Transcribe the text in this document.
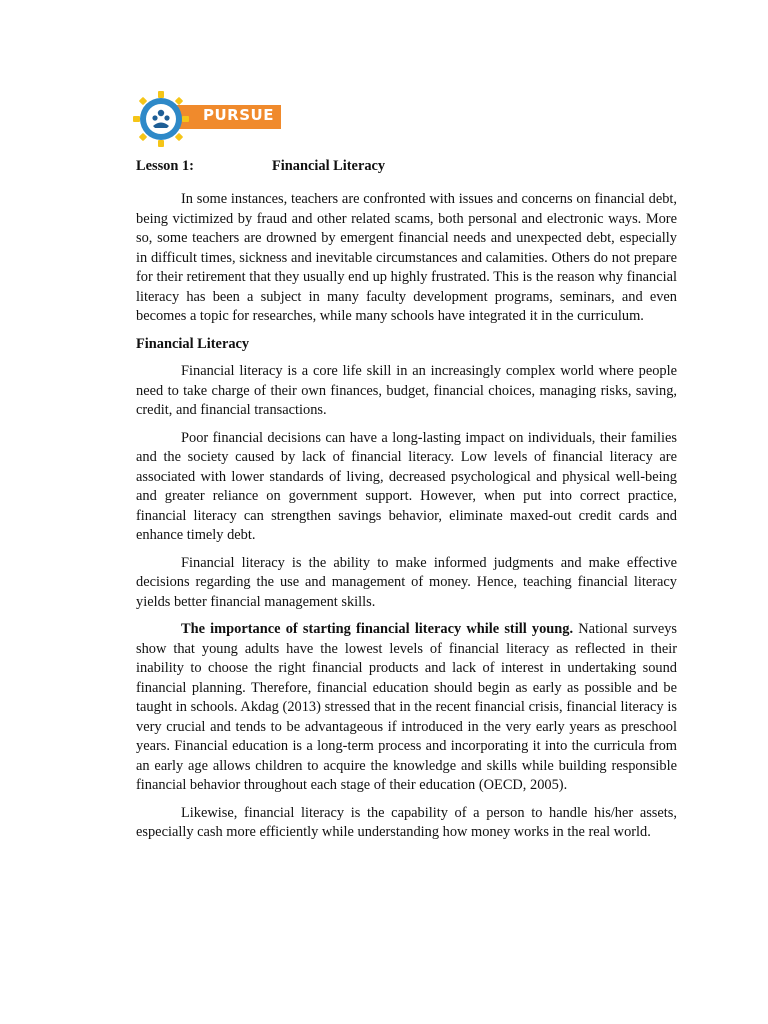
PURSUE
Lesson 1:	Financial Literacy

In some instances, teachers are confronted with issues and concerns on financial debt, being victimized by fraud and other related scams, both personal and electronic ways. More so, some teachers are drowned by emergent financial needs and unexpected debt, especially in difficult times, sickness and inevitable circumstances and calamities. Others do not prepare for their retirement that they usually end up highly frustrated. This is the reason why financial literacy has been a subject in many faculty development programs, seminars, and even becomes a topic for researches, while many schools have integrated it in the curriculum.

Financial Literacy

Financial literacy is a core life skill in an increasingly complex world where people need to take charge of their own finances, budget, financial choices, managing risks, saving, credit, and financial transactions.

Poor financial decisions can have a long-lasting impact on individuals, their families and the society caused by lack of financial literacy. Low levels of financial literacy are associated with lower standards of living, decreased psychological and physical well-being and greater reliance on government support. However, when put into correct practice, financial literacy can strengthen savings behavior, eliminate maxed-out credit cards and enhance timely debt.

Financial literacy is the ability to make informed judgments and make effective decisions regarding the use and management of money. Hence, teaching financial literacy yields better financial management skills.

The importance of starting financial literacy while still young. National surveys show that young adults have the lowest levels of financial literacy as reflected in their inability to choose the right financial products and lack of interest in undertaking sound financial planning. Therefore, financial education should begin as early as possible and be taught in schools. Akdag (2013) stressed that in the recent financial crisis, financial literacy is very crucial and tends to be advantageous if introduced in the very early years as preschool years. Financial education is a long-term process and incorporating it into the curricula from an early age allows children to acquire the knowledge and skills while building responsible financial behavior throughout each stage of their education (OECD, 2005).

Likewise, financial literacy is the capability of a person to handle his/her assets, especially cash more efficiently while understanding how money works in the real world.
